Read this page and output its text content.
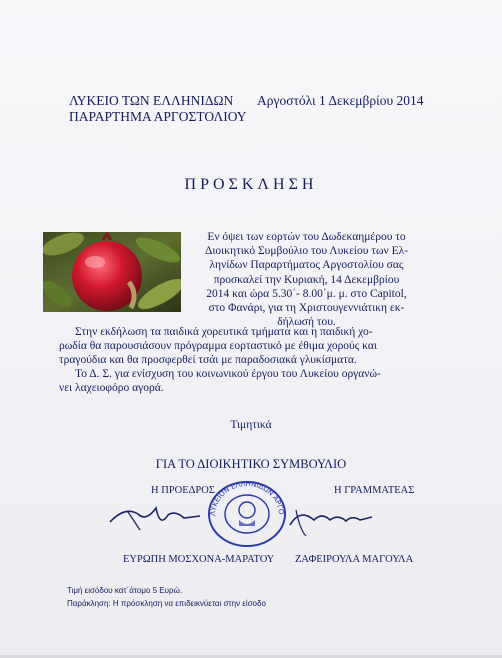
ΛΥΚΕΙΟ ΤΩΝ ΕΛΛΗΝΙΔΩΝ
ΠΑΡΑΡΤΗΜΑ ΑΡΓΟΣΤΟΛΙΟΥ
Αργοστόλι 1 Δεκεμβρίου 2014
ΠΡΟΣΚΛΗΣΗ
Εν όψει των εορτών του Δωδεκαημέρου το
Διοικητικό Συμβούλιο του Λυκείου των Ελ-
ληνίδων Παραρτήματος Αργοστολίου σας
προσκαλεί την Κυριακή, 14 Δεκεμβρίου
2014 και ώρα 5.30΄- 8.00΄μ. μ. στο Capitol,
στο Φανάρι, για τη Χριστουγεννιάτικη εκ-
δήλωσή του.
Στην εκδήλωση τα παιδικά χορευτικά τμήματα και η παιδική χο-
ρωδία θα παρουσιάσουν πρόγραμμα εορταστικό με έθιμα χορούς και
τραγούδια και θα προσφερθεί τσάι με παραδοσιακά γλυκίσματα.
Το Δ. Σ. για ενίσχυση του κοινωνικού έργου του Λυκείου οργανώ-
νει λαχειοφόρο αγορά.
Τιμητικά
ΓΙΑ ΤΟ ΔΙΟΙΚΗΤΙΚΟ ΣΥΜΒΟΥΛΙΟ
Η ΠΡΟΕΔΡΟΣ	Η ΓΡΑΜΜΑΤΕΑΣ
ΕΥΡΩΠΗ ΜΟΣΧΟΝΑ-ΜΑΡΑΤΟΥ ΖΑΦΕΙΡΟΥΛΑ ΜΑΓΟΥΛΑ
ΛΥΚΕΙΟΝ ΕΛΛΗΝΙΔΩΝ ΑΡΓΟ
Τιμή εισόδου κατ΄άτομο 5 Ευρώ.
Παράκληση: Η πρόσκληση να επιδεικνύεται στην είσοδο
